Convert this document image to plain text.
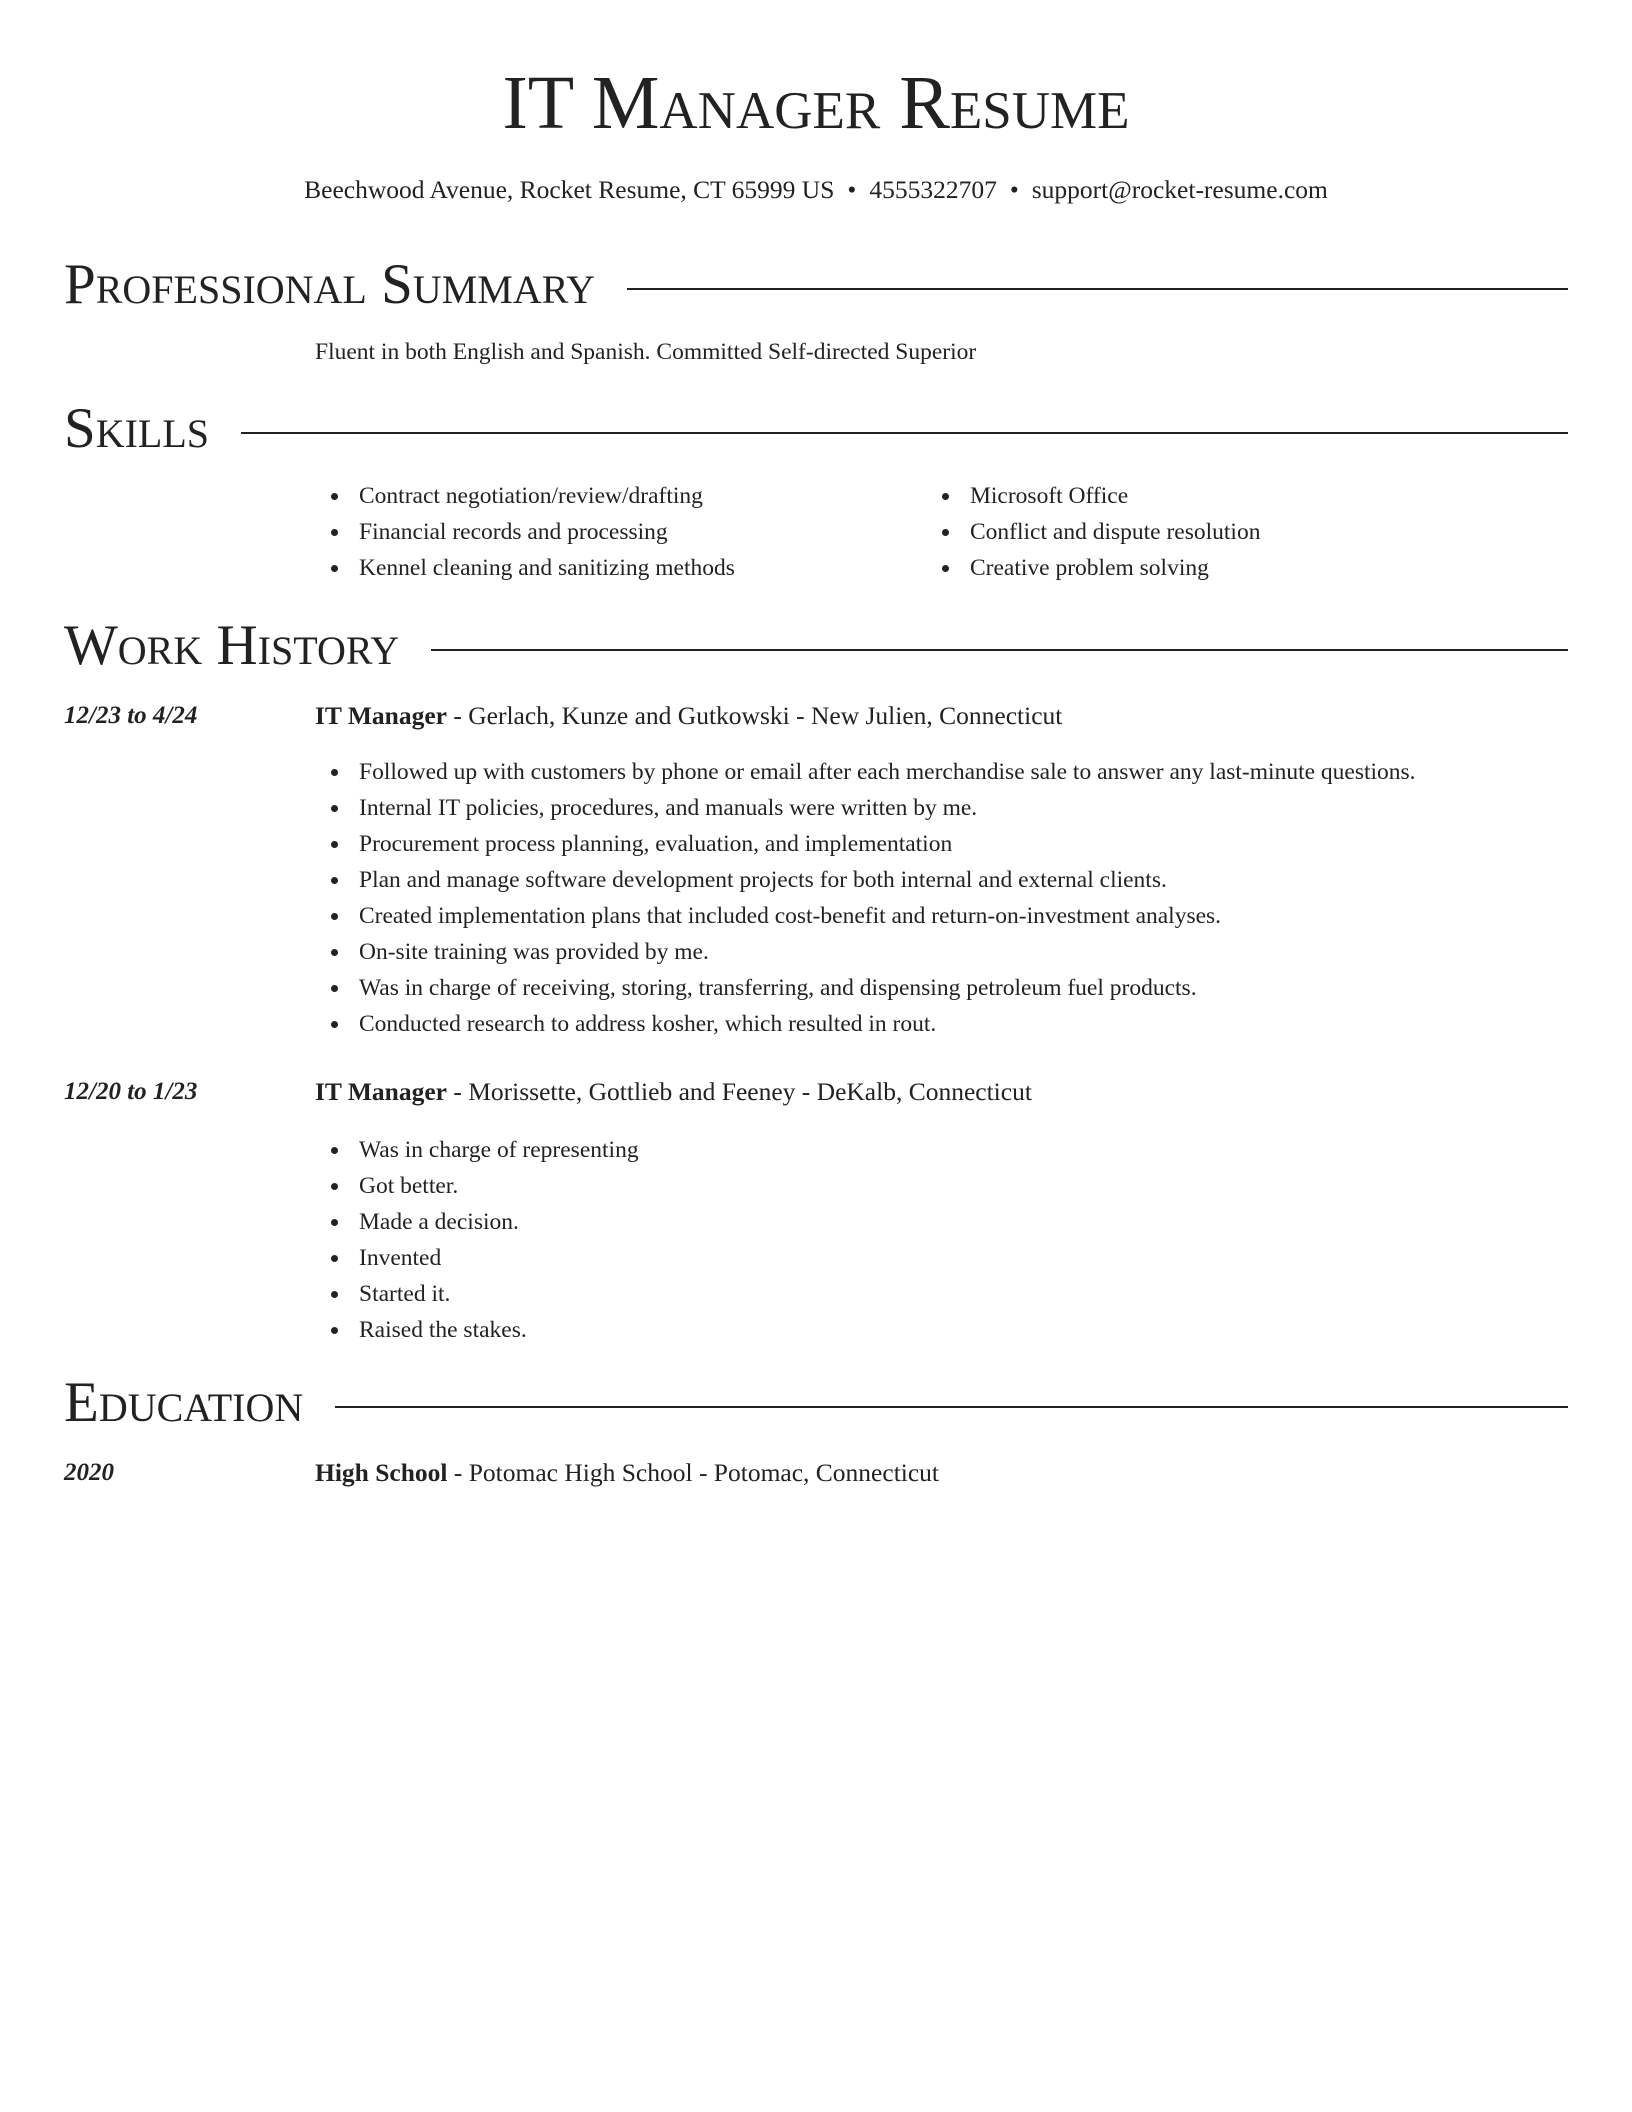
IT Manager Resume
Beechwood Avenue, Rocket Resume, CT 65999 US • 4555322707 • support@rocket-resume.com
Professional Summary
Fluent in both English and Spanish. Committed Self-directed Superior
Skills
Contract negotiation/review/drafting
Financial records and processing
Kennel cleaning and sanitizing methods
Microsoft Office
Conflict and dispute resolution
Creative problem solving
Work History
12/23 to 4/24	IT Manager - Gerlach, Kunze and Gutkowski - New Julien, Connecticut
Followed up with customers by phone or email after each merchandise sale to answer any last-minute questions.
Internal IT policies, procedures, and manuals were written by me.
Procurement process planning, evaluation, and implementation
Plan and manage software development projects for both internal and external clients.
Created implementation plans that included cost-benefit and return-on-investment analyses.
On-site training was provided by me.
Was in charge of receiving, storing, transferring, and dispensing petroleum fuel products.
Conducted research to address kosher, which resulted in rout.
12/20 to 1/23	IT Manager - Morissette, Gottlieb and Feeney - DeKalb, Connecticut
Was in charge of representing
Got better.
Made a decision.
Invented
Started it.
Raised the stakes.
Education
2020	High School - Potomac High School - Potomac, Connecticut
